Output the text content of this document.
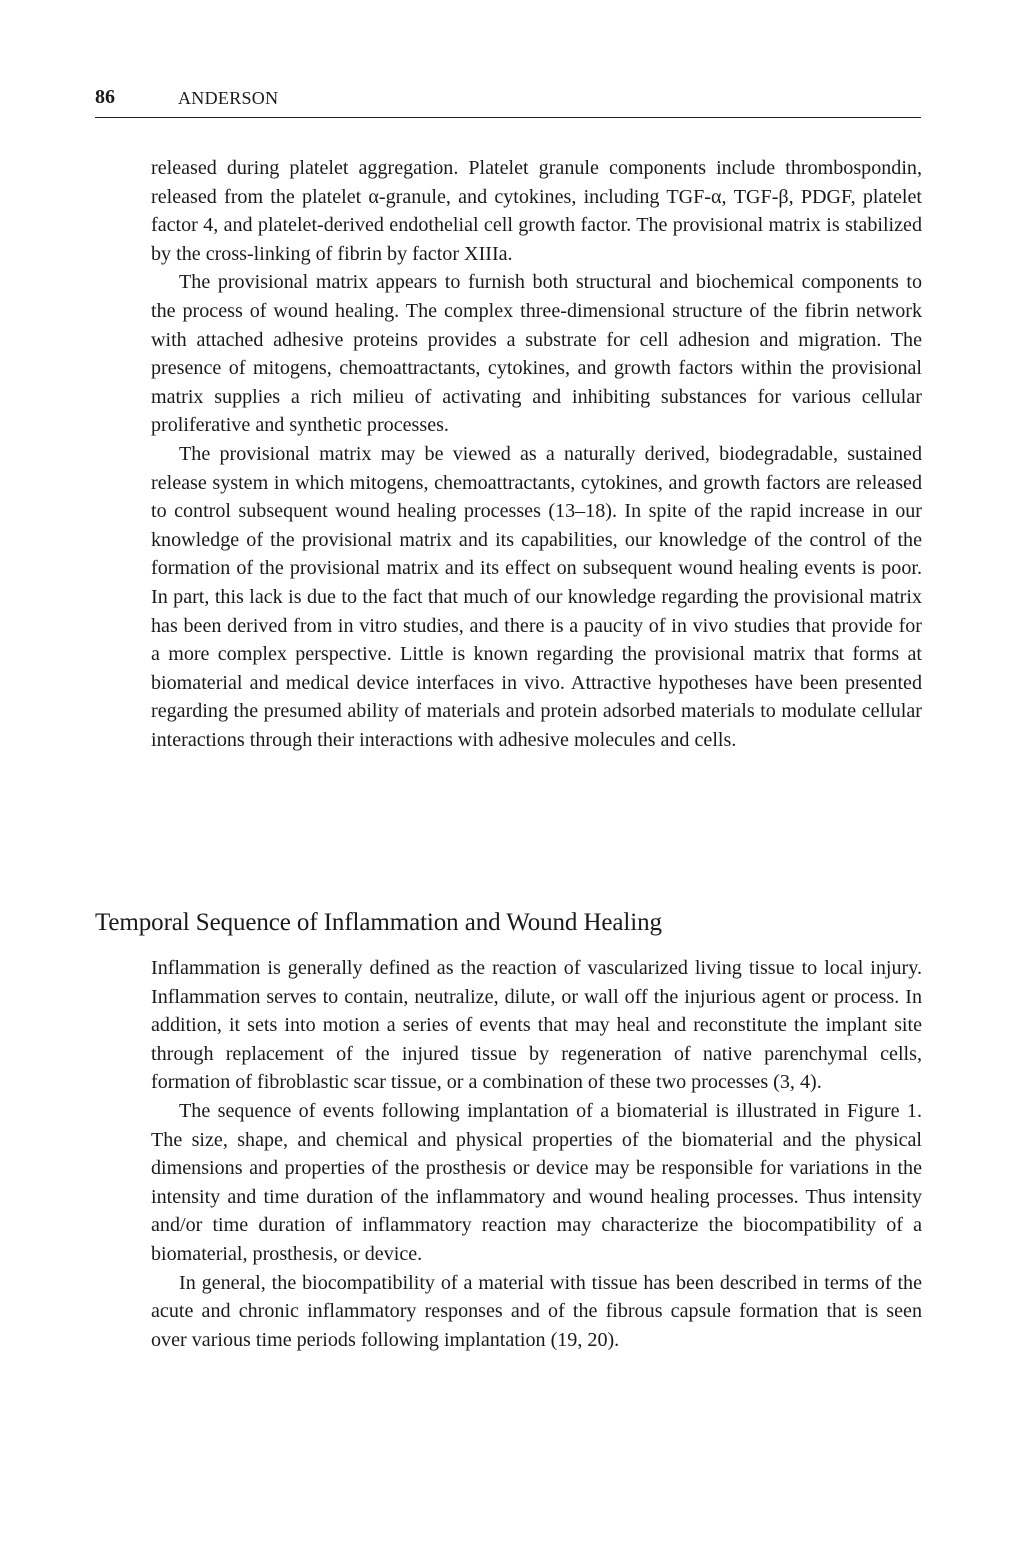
86	ANDERSON

released during platelet aggregation. Platelet granule components include thrombospondin, released from the platelet α-granule, and cytokines, including TGF-α, TGF-β, PDGF, platelet factor 4, and platelet-derived endothelial cell growth factor. The provisional matrix is stabilized by the cross-linking of fibrin by factor XIIIa.

The provisional matrix appears to furnish both structural and biochemical components to the process of wound healing. The complex three-dimensional structure of the fibrin network with attached adhesive proteins provides a substrate for cell adhesion and migration. The presence of mitogens, chemoattractants, cytokines, and growth factors within the provisional matrix supplies a rich milieu of activating and inhibiting substances for various cellular proliferative and synthetic processes.

The provisional matrix may be viewed as a naturally derived, biodegradable, sustained release system in which mitogens, chemoattractants, cytokines, and growth factors are released to control subsequent wound healing processes (13–18). In spite of the rapid increase in our knowledge of the provisional matrix and its capabilities, our knowledge of the control of the formation of the provisional matrix and its effect on subsequent wound healing events is poor. In part, this lack is due to the fact that much of our knowledge regarding the provisional matrix has been derived from in vitro studies, and there is a paucity of in vivo studies that provide for a more complex perspective. Little is known regarding the provisional matrix that forms at biomaterial and medical device interfaces in vivo. Attractive hypotheses have been presented regarding the presumed ability of materials and protein adsorbed materials to modulate cellular interactions through their interactions with adhesive molecules and cells.

Temporal Sequence of Inflammation and Wound Healing

Inflammation is generally defined as the reaction of vascularized living tissue to local injury. Inflammation serves to contain, neutralize, dilute, or wall off the injurious agent or process. In addition, it sets into motion a series of events that may heal and reconstitute the implant site through replacement of the injured tissue by regeneration of native parenchymal cells, formation of fibroblastic scar tissue, or a combination of these two processes (3, 4).

The sequence of events following implantation of a biomaterial is illustrated in Figure 1. The size, shape, and chemical and physical properties of the biomaterial and the physical dimensions and properties of the prosthesis or device may be responsible for variations in the intensity and time duration of the inflammatory and wound healing processes. Thus intensity and/or time duration of inflammatory reaction may characterize the biocompatibility of a biomaterial, prosthesis, or device.

In general, the biocompatibility of a material with tissue has been described in terms of the acute and chronic inflammatory responses and of the fibrous capsule formation that is seen over various time periods following implantation (19, 20).
